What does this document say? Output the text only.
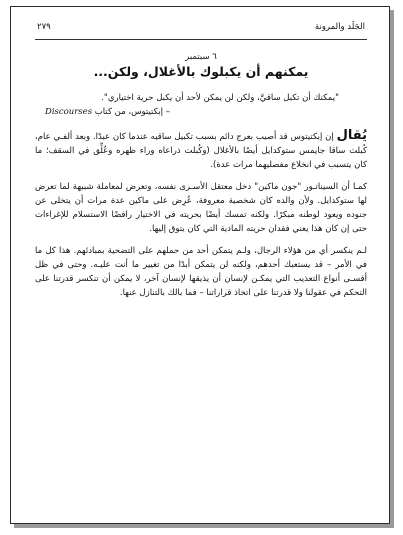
الجَلَد والمرونة
٢٧٩
٦ سبتمبر
يمكنهم أن يكبلوك بالأغلال، ولكن...
"يمكنك أن تكبل ساقيَّ، ولكن لن يمكن لأحد أن يكبل حرية اختياري".
– إبكتيتوس، من كتاب Discourses

يُقال إن إبكتيتوس قد أصيب بعرج دائم بسبب تكبيل ساقيه عندما كان عبدًا. وبعد ألفـي عام، كُبلت ساقا جايمس ستوكدايل أيضًا بالأغلال (وكُبلت ذراعاه وراء ظهره وعُلِّق في السقف؛ ما كان يتسبب في انخلاع مفصليهما مرات عدة).

كمـا أن السيناتـور "جون ماكين" دخل معتقل الأسـرى نفسه، وتعرض لمعاملة شبيهة لما تعرض لها ستوكدايل. ولأن والده كان شخصية معروفة، عُرِض على ماكين عدة مرات أن يتخلى عن جنوده ويعود لوطنه مبكرًا. ولكنه تمسك أيضًا بحريته في الاختيار رافضًا الاستسلام للإغراءات حتى إن كان هذا يعني فقدان حريته المادية التي كان يتوق إليها.

لـم ينكسر أي من هؤلاء الرجال، ولـم يتمكن أحد من حملهم على التضحية بمبادئهم. هذا كل ما في الأمر – قد يستعبك أحدهم، ولكنه لن يتمكن أبدًا من تغيير ما أنت عليـه. وحتى في ظل أقسـى أنواع التعذيب التي يمكـن لإنسان أن يذيقها لإنسان آخر، لا يمكن أن تنكسر قدرتنا على التحكم في عقولنا ولا قدرتنا على اتخاذ قراراتنا – فما بالك بالتنازل عنها.
